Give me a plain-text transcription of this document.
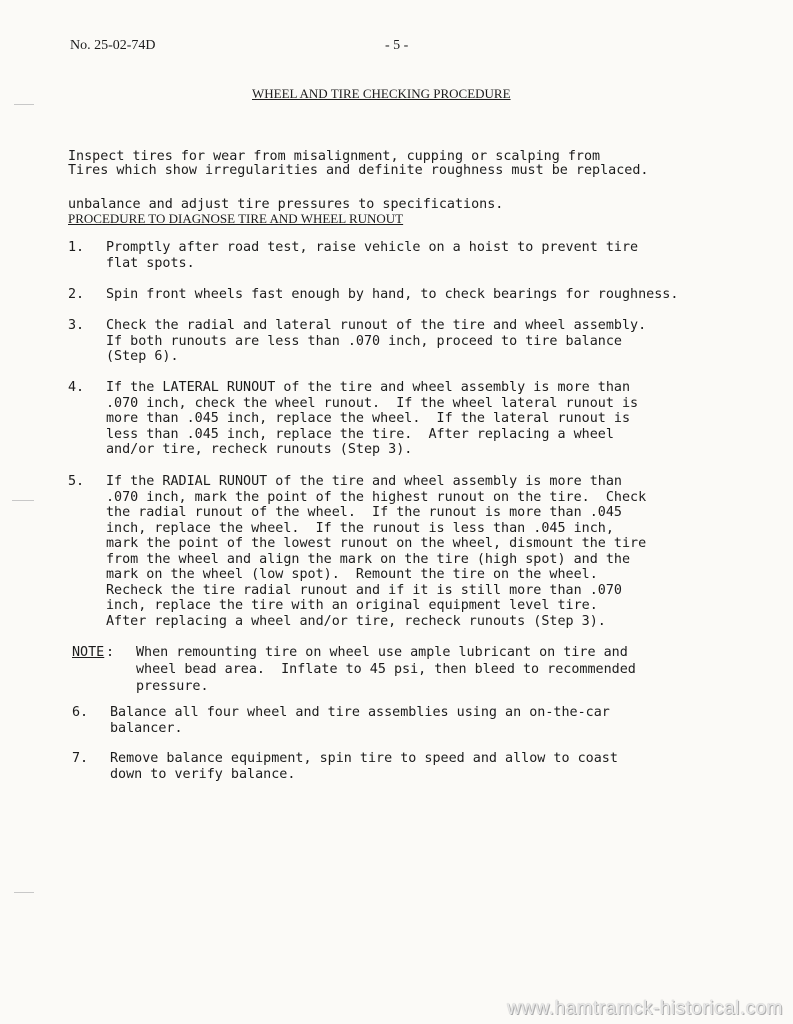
No. 25-02-74D	- 5 -
WHEEL AND TIRE CHECKING PROCEDURE

Inspect tires for wear from misalignment, cupping or scalping from

unbalance and adjust tire pressures to specifications.

Tires which show irregularities and definite roughness must be replaced.
PROCEDURE TO DIAGNOSE TIRE AND WHEEL RUNOUT
1. Promptly after road test, raise vehicle on a hoist to prevent tire
flat spots.
2. Spin front wheels fast enough by hand, to check bearings for roughness.
3. Check the radial and lateral runout of the tire and wheel assembly.
If both runouts are less than .070 inch, proceed to tire balance
(Step 6).
4. If the LATERAL RUNOUT of the tire and wheel assembly is more than
.070 inch, check the wheel runout.  If the wheel lateral runout is
more than .045 inch, replace the wheel.  If the lateral runout is
less than .045 inch, replace the tire.  After replacing a wheel
and/or tire, recheck runouts (Step 3).
5. If the RADIAL RUNOUT of the tire and wheel assembly is more than
.070 inch, mark the point of the highest runout on the tire.  Check
the radial runout of the wheel.  If the runout is more than .045
inch, replace the wheel.  If the runout is less than .045 inch,
mark the point of the lowest runout on the wheel, dismount the tire
from the wheel and align the mark on the tire (high spot) and the
mark on the wheel (low spot).  Remount the tire on the wheel.
Recheck the tire radial runout and if it is still more than .070
inch, replace the tire with an original equipment level tire.
After replacing a wheel and/or tire, recheck runouts (Step 3).
NOTE : When remounting tire on wheel use ample lubricant on tire and
wheel bead area.  Inflate to 45 psi, then bleed to recommended
pressure.
6. Balance all four wheel and tire assemblies using an on-the-car
balancer.
7. Remove balance equipment, spin tire to speed and allow to coast
down to verify balance.
www.hamtramck-historical.com
